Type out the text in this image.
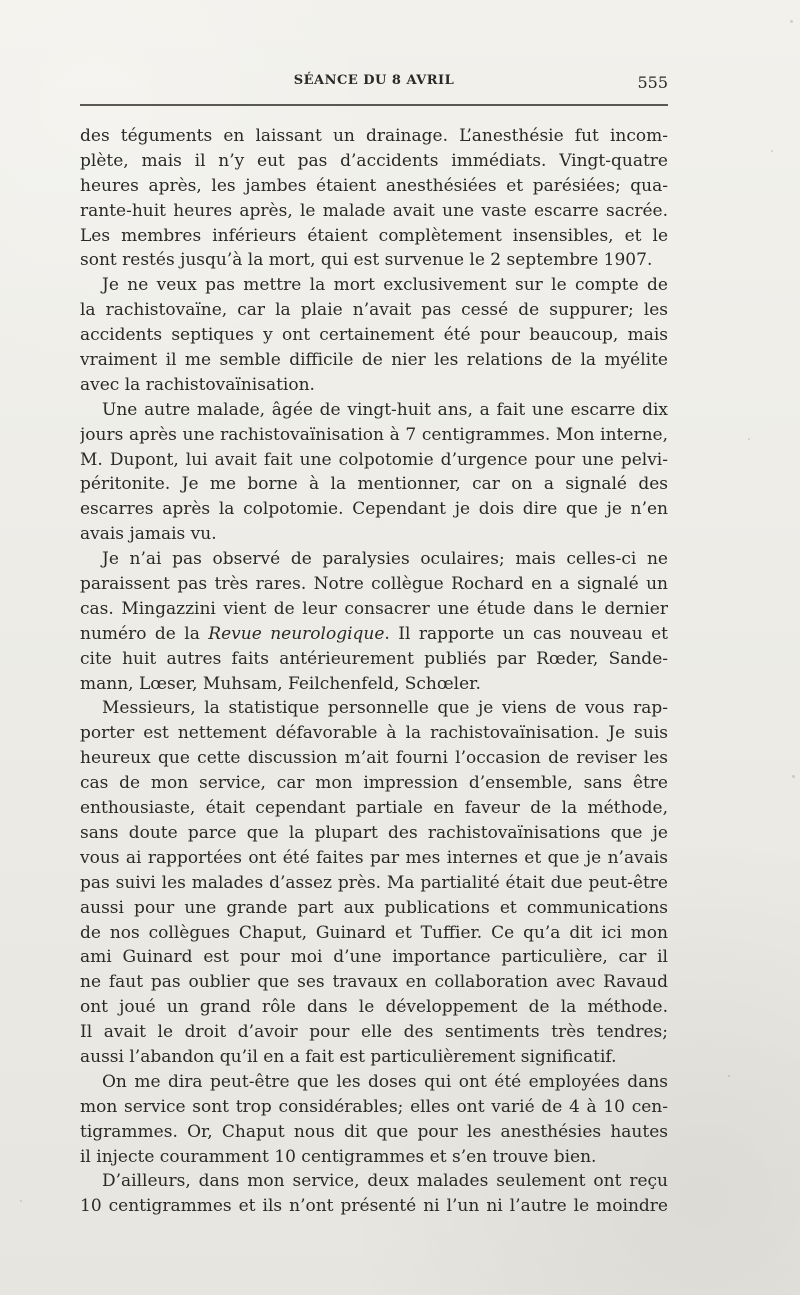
SÉANCE DU 8 AVRIL	555
des téguments en laissant un drainage. L’anesthésie fut incom-
plète, mais il n’y eut pas d’accidents immédiats. Vingt-quatre
heures après, les jambes étaient anesthésiées et parésiées; qua-
rante-huit heures après, le malade avait une vaste escarre sacrée.
Les membres inférieurs étaient complètement insensibles, et le
sont restés jusqu’à la mort, qui est survenue le 2 septembre 1907.
Je ne veux pas mettre la mort exclusivement sur le compte de
la rachistovaïne, car la plaie n’avait pas cessé de suppurer; les
accidents septiques y ont certainement été pour beaucoup, mais
vraiment il me semble difficile de nier les relations de la myélite
avec la rachistovaïnisation.
Une autre malade, âgée de vingt-huit ans, a fait une escarre dix
jours après une rachistovaïnisation à 7 centigrammes. Mon interne,
M. Dupont, lui avait fait une colpotomie d’urgence pour une pelvi-
péritonite. Je me borne à la mentionner, car on a signalé des
escarres après la colpotomie. Cependant je dois dire que je n’en
avais jamais vu.
Je n’ai pas observé de paralysies oculaires; mais celles-ci ne
paraissent pas très rares. Notre collègue Rochard en a signalé un
cas. Mingazzini vient de leur consacrer une étude dans le dernier
numéro de la Revue neurologique. Il rapporte un cas nouveau et
cite huit autres faits antérieurement publiés par Rœder, Sande-
mann, Lœser, Muhsam, Feilchenfeld, Schœler.
Messieurs, la statistique personnelle que je viens de vous rap-
porter est nettement défavorable à la rachistovaïnisation. Je suis
heureux que cette discussion m’ait fourni l’occasion de reviser les
cas de mon service, car mon impression d’ensemble, sans être
enthousiaste, était cependant partiale en faveur de la méthode,
sans doute parce que la plupart des rachistovaïnisations que je
vous ai rapportées ont été faites par mes internes et que je n’avais
pas suivi les malades d’assez près. Ma partialité était due peut-être
aussi pour une grande part aux publications et communications
de nos collègues Chaput, Guinard et Tuffier. Ce qu’a dit ici mon
ami Guinard est pour moi d’une importance particulière, car il
ne faut pas oublier que ses travaux en collaboration avec Ravaud
ont joué un grand rôle dans le développement de la méthode.
Il avait le droit d’avoir pour elle des sentiments très tendres;
aussi l’abandon qu’il en a fait est particulièrement significatif.
On me dira peut-être que les doses qui ont été employées dans
mon service sont trop considérables; elles ont varié de 4 à 10 cen-
tigrammes. Or, Chaput nous dit que pour les anesthésies hautes
il injecte couramment 10 centigrammes et s’en trouve bien.
D’ailleurs, dans mon service, deux malades seulement ont reçu
10 centigrammes et ils n’ont présenté ni l’un ni l’autre le moindre
